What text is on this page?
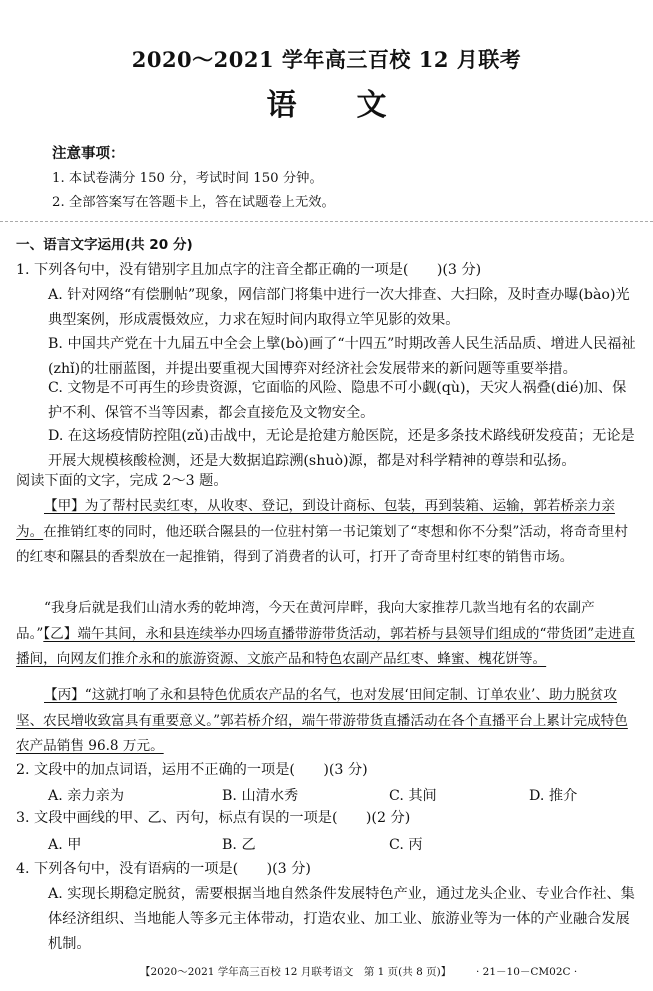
2020～2021 学年高三百校 12 月联考
语文
注意事项：
1. 本试卷满分 150 分，考试时间 150 分钟。
2. 全部答案写在答题卡上，答在试题卷上无效。
一、语言文字运用(共 20 分)
1. 下列各句中，没有错别字且加点字的注音全都正确的一项是(　　)(3 分)
A. 针对网络“有偿删帖”现象，网信部门将集中进行一次大排查、大扫除，及时查办曝(bào)光典型案例，形成震慑效应，力求在短时间内取得立竿见影的效果。
B. 中国共产党在十九届五中全会上擘(bò)画了“十四五”时期改善人民生活品质、增进人民福祉(zhǐ)的壮丽蓝图，并提出要重视大国博弈对经济社会发展带来的新问题等重要举措。
C. 文物是不可再生的珍贵资源，它面临的风险、隐患不可小觑(qù)，天灾人祸叠(dié)加、保护不利、保管不当等因素，都会直接危及文物安全。
D. 在这场疫情防控阻(zǔ)击战中，无论是抢建方舱医院，还是多条技术路线研发疫苗；无论是开展大规模核酸检测，还是大数据追踪溯(shuò)源，都是对科学精神的尊崇和弘扬。
阅读下面的文字，完成 2～3 题。
【甲】为了帮村民卖红枣，从收枣、登记，到设计商标、包装，再到装箱、运输，郭若桥亲力亲为。在推销红枣的同时，他还联合隰县的一位驻村第一书记策划了“枣想和你不分梨”活动，将奇奇里村的红枣和隰县的香梨放在一起推销，得到了消费者的认可，打开了奇奇里村红枣的销售市场。
“我身后就是我们山清水秀的乾坤湾，今天在黄河岸畔，我向大家推荐几款当地有名的农副产品。”【乙】端午其间，永和县连续举办四场直播带游带货活动，郭若桥与县领导们组成的“带货团”走进直播间，向网友们推介永和的旅游资源、文旅产品和特色农副产品红枣、蜂蜜、槐花饼等。
【丙】“这就打响了永和县特色优质农产品的名气，也对发展‘田间定制、订单农业’、助力脱贫攻坚、农民增收致富具有重要意义。”郭若桥介绍，端午带游带货直播活动在各个直播平台上累计完成特色农产品销售 96.8 万元。
2. 文段中的加点词语，运用不正确的一项是(　　)(3 分)
A. 亲力亲为	B. 山清水秀	C. 其间	D. 推介
3. 文段中画线的甲、乙、丙句，标点有误的一项是(　　)(2 分)
A. 甲	B. 乙	C. 丙
4. 下列各句中，没有语病的一项是(　　)(3 分)
A. 实现长期稳定脱贫，需要根据当地自然条件发展特色产业，通过龙头企业、专业合作社、集体经济组织、当地能人等多元主体带动，打造农业、加工业、旅游业等为一体的产业融合发展机制。
【2020～2021 学年高三百校 12 月联考语文　第 1 页(共 8 页)】	· 21－10－CM02C ·
